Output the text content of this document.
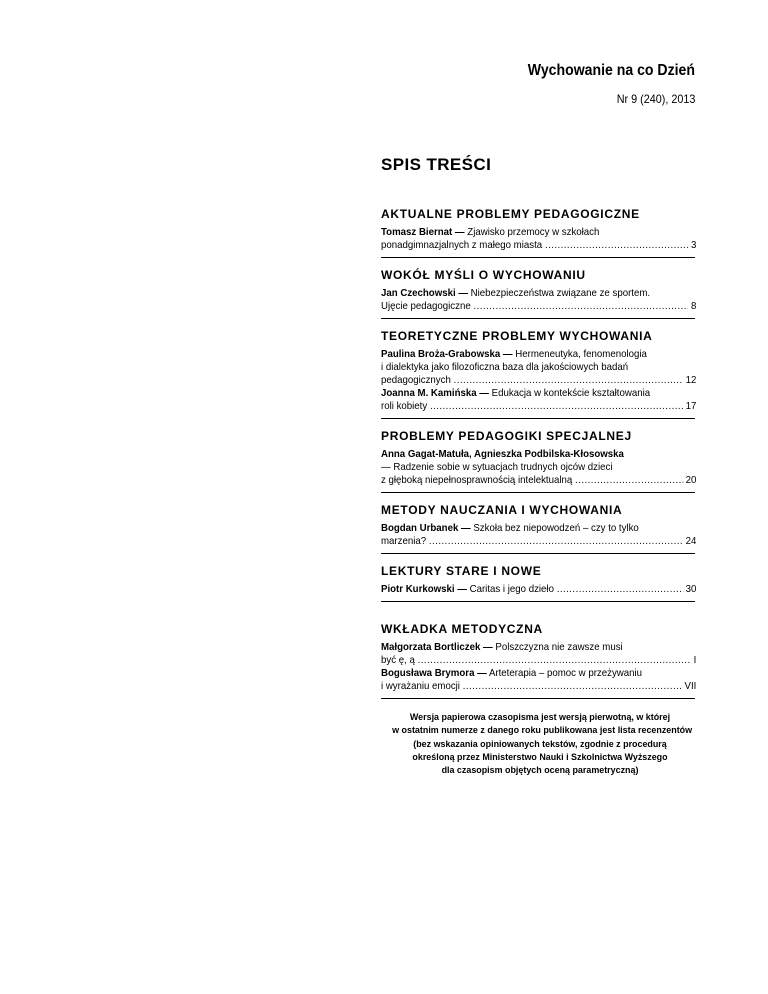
Wychowanie na co Dzień
Nr 9 (240), 2013
SPIS TREŚCI
AKTUALNE PROBLEMY PEDAGOGICZNE
Tomasz Biernat — Zjawisko przemocy w szkołach
ponadgimnazjalnych z małego miasta . . .	3
WOKÓŁ MYŚLI O WYCHOWANIU
Jan Czechowski — Niebezpieczeństwa związane ze sportem.
Ujęcie pedagogiczne . . .	8
TEORETYCZNE PROBLEMY WYCHOWANIA
Paulina Broża-Grabowska — Hermeneutyka, fenomenologia
i dialektyka jako filozoficzna baza dla jakościowych badań
pedagogicznych . . .	12
Joanna M. Kamińska — Edukacja w kontekście kształtowania
roli kobiety . . .	17
PROBLEMY PEDAGOGIKI SPECJALNEJ
Anna Gagat-Matuła, Agnieszka Podbilska-Kłosowska
— Radzenie sobie w sytuacjach trudnych ojców dzieci
z głęboką niepełnosprawnością intelektualną . . .	20
METODY NAUCZANIA I WYCHOWANIA
Bogdan Urbanek — Szkoła bez niepowodzeń – czy to tylko
marzenia? . . .	24
LEKTURY STARE I NOWE
Piotr Kurkowski — Caritas i jego dzieło . . .	30
WKŁADKA METODYCZNA
Małgorzata Bortliczek — Polszczyzna nie zawsze musi
być ę, ą . . .	I
Bogusława Brymora — Arteterapia – pomoc w przeżywaniu
i wyrażaniu emocji . . .	VII
Wersja papierowa czasopisma jest wersją pierwotną, w której
w ostatnim numerze z danego roku publikowana jest lista recenzentów
(bez wskazania opiniowanych tekstów, zgodnie z procedurą
określoną przez Ministerstwo Nauki i Szkolnictwa Wyższego
dla czasopism objętych oceną parametryczną)
